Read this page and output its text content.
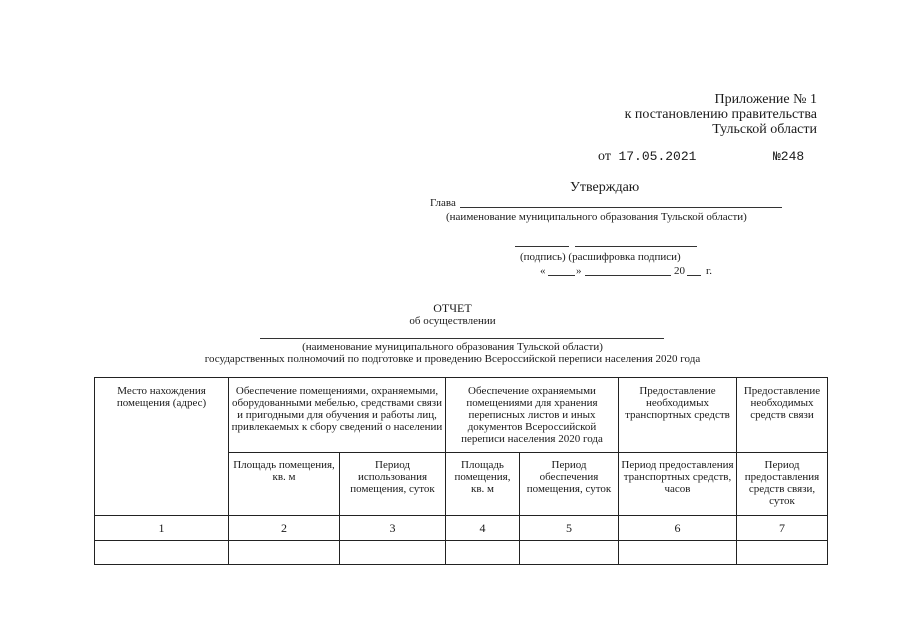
Приложение № 1
к постановлению правительства
Тульской области
от 17.05.2021	№248
Утверждаю
Глава
(наименование муниципального образования Тульской области)
(подпись) (расшифровка подписи)
«	»	20 г.
ОТЧЕТ
об осуществлении
(наименование муниципального образования Тульской области)
государственных полномочий по подготовке и проведению Всероссийской переписи населения 2020 года
Место нахождения помещения (адрес)	Обеспечение помещениями, охраняемыми, оборудованными мебелью, средствами связи и пригодными для обучения и работы лиц, привлекаемых к сбору сведений о населении		Обеспечение охраняемыми помещениями для хранения переписных листов и иных документов Всероссийской переписи населения 2020 года		Предоставление необходимых транспортных средств	Предоставление необходимых средств связи
	Площадь помещения, кв. м	Период использования помещения, суток	Площадь помещения, кв. м	Период обеспечения помещения, суток	Период предоставления транспортных средств, часов	Период предоставления средств связи, суток
1	2	3	4	5	6	7
